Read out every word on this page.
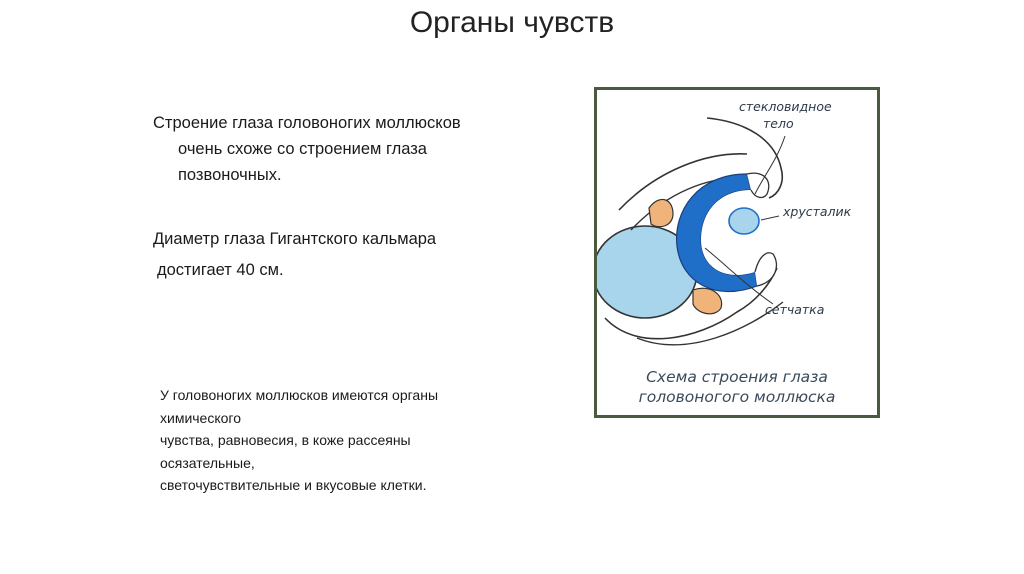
Органы чувств
Строение глаза головоногих моллюсков
очень схоже со строением глаза
позвоночных.
Диаметр глаза Гигантского кальмара
достигает 40 см.
У головоногих моллюсков имеются органы
химического
чувства, равновесия, в коже рассеяны
осязательные,
светочувствительные и вкусовые клетки.
стекловидное
тело
хрусталик
сетчатка
Схема строения глаза
головоногого моллюска
